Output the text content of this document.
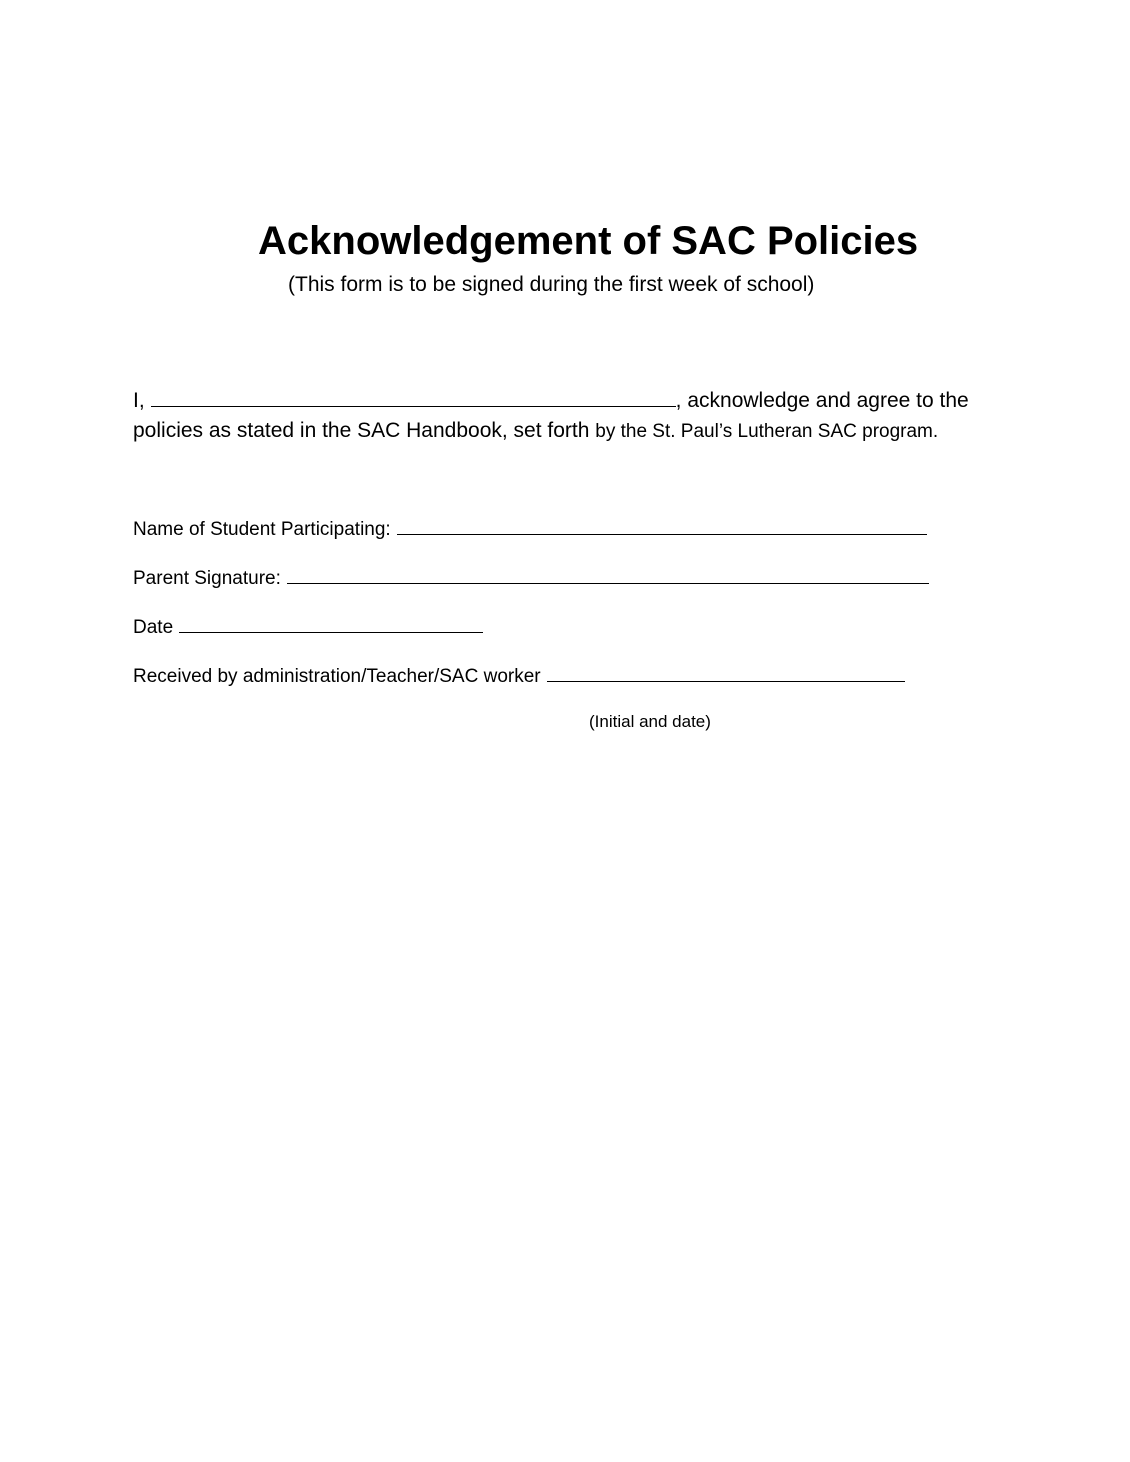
Acknowledgement of SAC Policies
(This form is to be signed during the first week of school)
I,	, acknowledge and agree to the
policies as stated in the SAC Handbook, set forth by the St. Paul’s Lutheran SAC program.
Name of Student Participating:
Parent Signature:
Date
Received by administration/Teacher/SAC worker
(Initial and date)
